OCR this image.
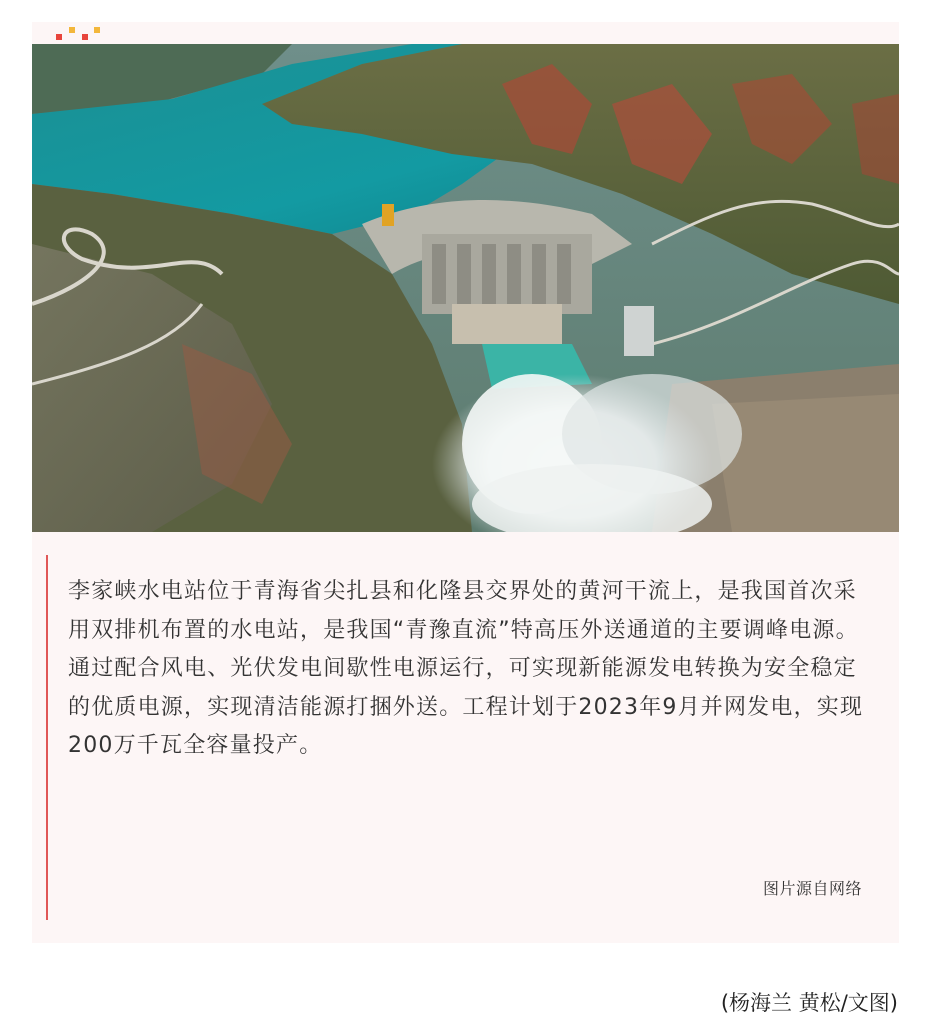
李家峡水电站位于青海省尖扎县和化隆县交界处的黄河干流上，是我国首次采用双排机布置的水电站，是我国“青豫直流”特高压外送通道的主要调峰电源。通过配合风电、光伏发电间歇性电源运行，可实现新能源发电转换为安全稳定的优质电源，实现清洁能源打捆外送。工程计划于2023年9月并网发电，实现200万千瓦全容量投产。

图片源自网络
(杨海兰 黄松/文图)
